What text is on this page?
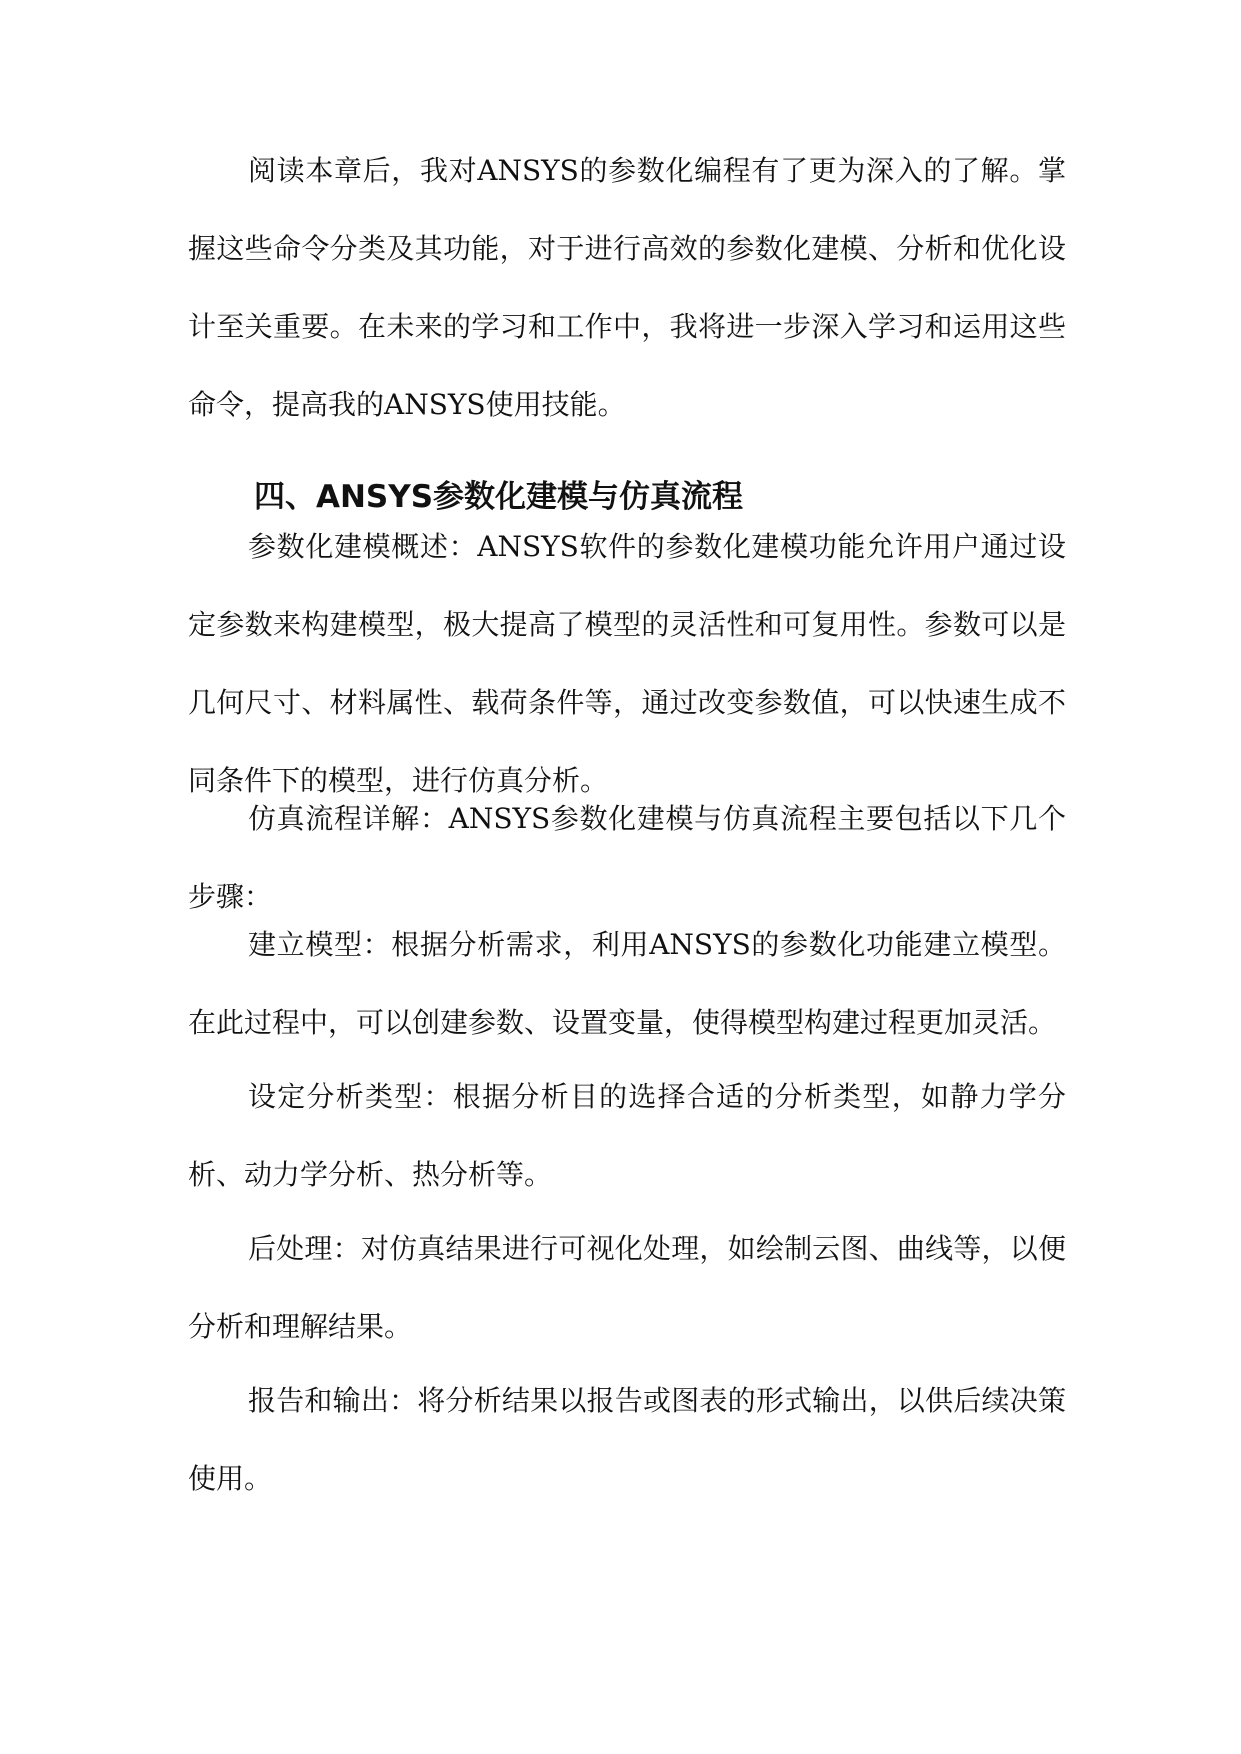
阅读本章后，我对ANSYS的参数化编程有了更为深入的了解。掌握这些命令分类及其功能，对于进行高效的参数化建模、分析和优化设计至关重要。在未来的学习和工作中，我将进一步深入学习和运用这些命令，提高我的ANSYS使用技能。

四、ANSYS参数化建模与仿真流程

参数化建模概述：ANSYS软件的参数化建模功能允许用户通过设定参数来构建模型，极大提高了模型的灵活性和可复用性。参数可以是几何尺寸、材料属性、载荷条件等，通过改变参数值，可以快速生成不同条件下的模型，进行仿真分析。

仿真流程详解：ANSYS参数化建模与仿真流程主要包括以下几个步骤：

建立模型：根据分析需求，利用ANSYS的参数化功能建立模型。在此过程中，可以创建参数、设置变量，使得模型构建过程更加灵活。

设定分析类型：根据分析目的选择合适的分析类型，如静力学分析、动力学分析、热分析等。

后处理：对仿真结果进行可视化处理，如绘制云图、曲线等，以便分析和理解结果。

报告和输出：将分析结果以报告或图表的形式输出，以供后续决策使用。
